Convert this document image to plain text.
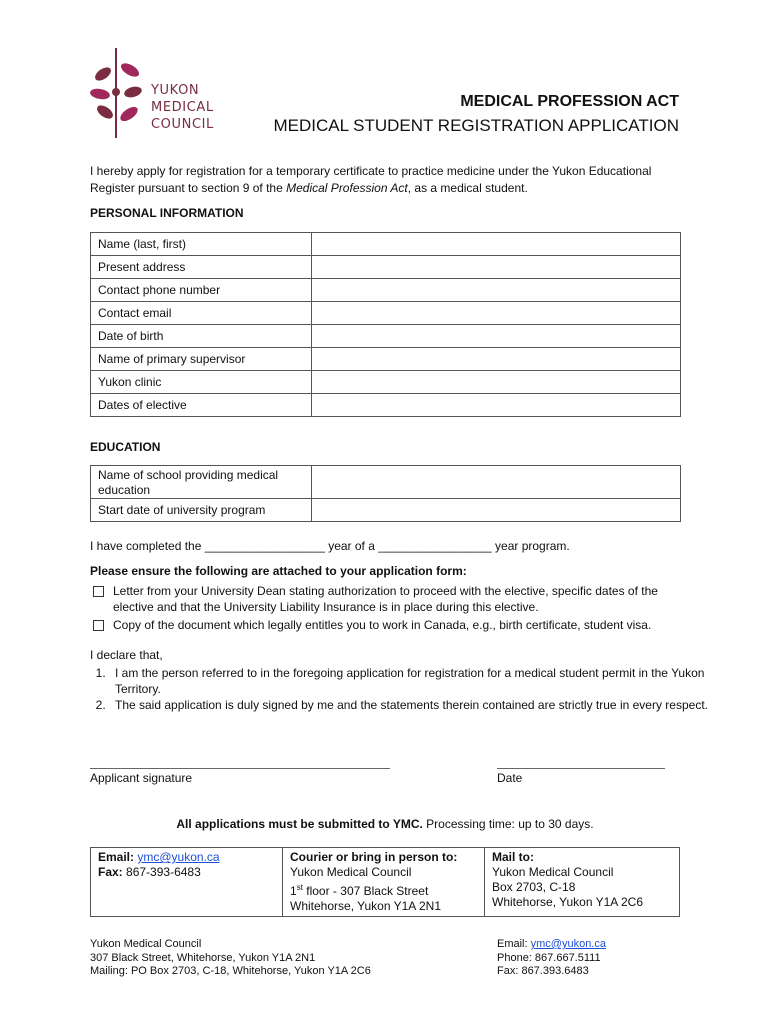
YUKON
MEDICAL
COUNCIL
MEDICAL PROFESSION ACT
MEDICAL STUDENT REGISTRATION APPLICATION

I hereby apply for registration for a temporary certificate to practice medicine under the Yukon Educational Register pursuant to section 9 of the Medical Profession Act, as a medical student.

PERSONAL INFORMATION
Name (last, first)	
Present address	
Contact phone number	
Contact email	
Date of birth	
Name of primary supervisor	
Yukon clinic	
Dates of elective	
EDUCATION
Name of school providing medical education	
Start date of university program	
I have completed the __________________ year of a _________________ year program.
Please ensure the following are attached to your application form:
Letter from your University Dean stating authorization to proceed with the elective, specific dates of the elective and that the University Liability Insurance is in place during this elective.
Copy of the document which legally entitles you to work in Canada, e.g., birth certificate, student visa.
I declare that,
1. I am the person referred to in the foregoing application for registration for a medical student permit in the Yukon Territory.
2. The said application is duly signed by me and the statements therein contained are strictly true in every respect.
Applicant signature	Date
All applications must be submitted to YMC. Processing time: up to 30 days.
Email: ymc@yukon.ca
Fax: 867-393-6483

Courier or bring in person to:
Yukon Medical Council
1st floor - 307 Black Street
Whitehorse, Yukon Y1A 2N1

Mail to:
Yukon Medical Council
Box 2703, C-18
Whitehorse, Yukon Y1A 2C6
Yukon Medical Council
307 Black Street, Whitehorse, Yukon Y1A 2N1
Mailing: PO Box 2703, C-18, Whitehorse, Yukon Y1A 2C6
Email: ymc@yukon.ca
Phone: 867.667.5111
Fax: 867.393.6483
